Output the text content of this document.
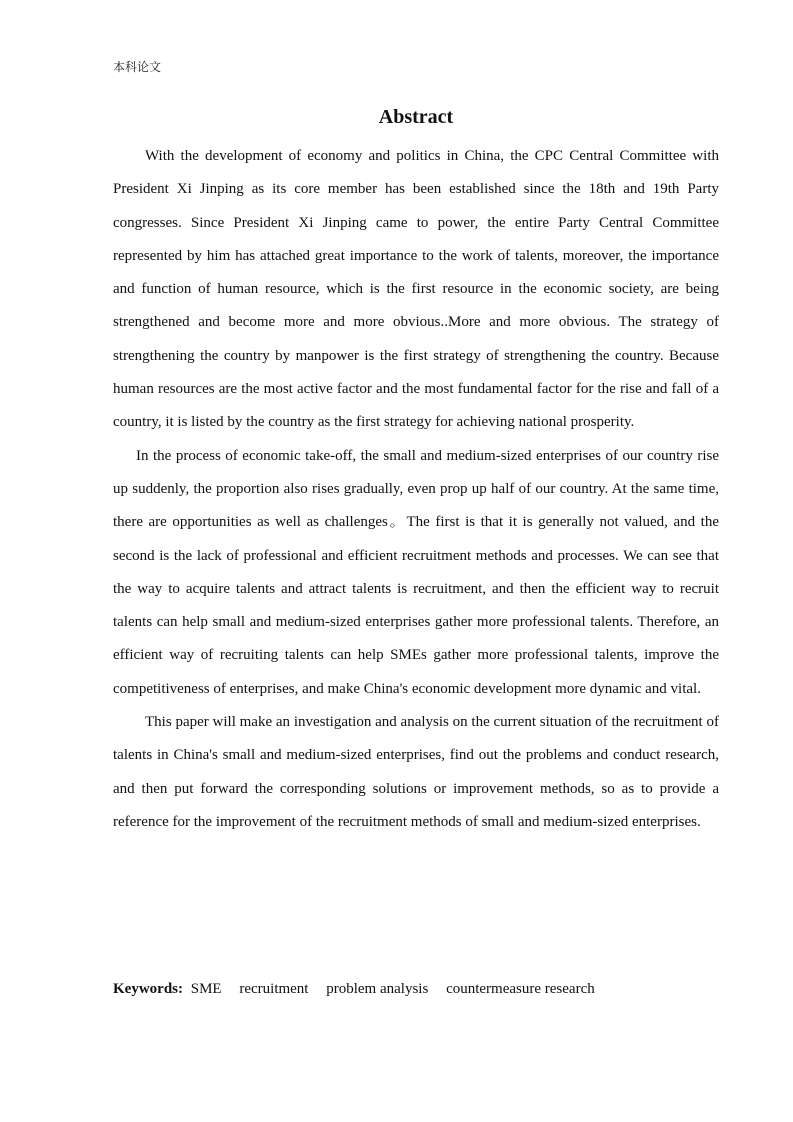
本科论文
Abstract

With the development of economy and politics in China, the CPC Central Committee with President Xi Jinping as its core member has been established since the 18th and 19th Party congresses. Since President Xi Jinping came to power, the entire Party Central Committee represented by him has attached great importance to the work of talents, moreover, the importance and function of human resource, which is the first resource in the economic society, are being strengthened and become more and more obvious..More and more obvious. The strategy of strengthening the country by manpower is the first strategy of strengthening the country. Because human resources are the most active factor and the most fundamental factor for the rise and fall of a country, it is listed by the country as the first strategy for achieving national prosperity.

In the process of economic take-off, the small and medium-sized enterprises of our country rise up suddenly, the proportion also rises gradually, even prop up half of our country. At the same time, there are opportunities as well as challenges。The first is that it is generally not valued, and the second is the lack of professional and efficient recruitment methods and processes. We can see that the way to acquire talents and attract talents is recruitment, and then the efficient way to recruit talents can help small and medium-sized enterprises gather more professional talents. Therefore, an efficient way of recruiting talents can help SMEs gather more professional talents, improve the competitiveness of enterprises, and make China's economic development more dynamic and vital.

This paper will make an investigation and analysis on the current situation of the recruitment of talents in China's small and medium-sized enterprises, find out the problems and conduct research, and then put forward the corresponding solutions or improvement methods, so as to provide a reference for the improvement of the recruitment methods of small and medium-sized enterprises.

Keywords: SME recruitment problem analysis countermeasure research
